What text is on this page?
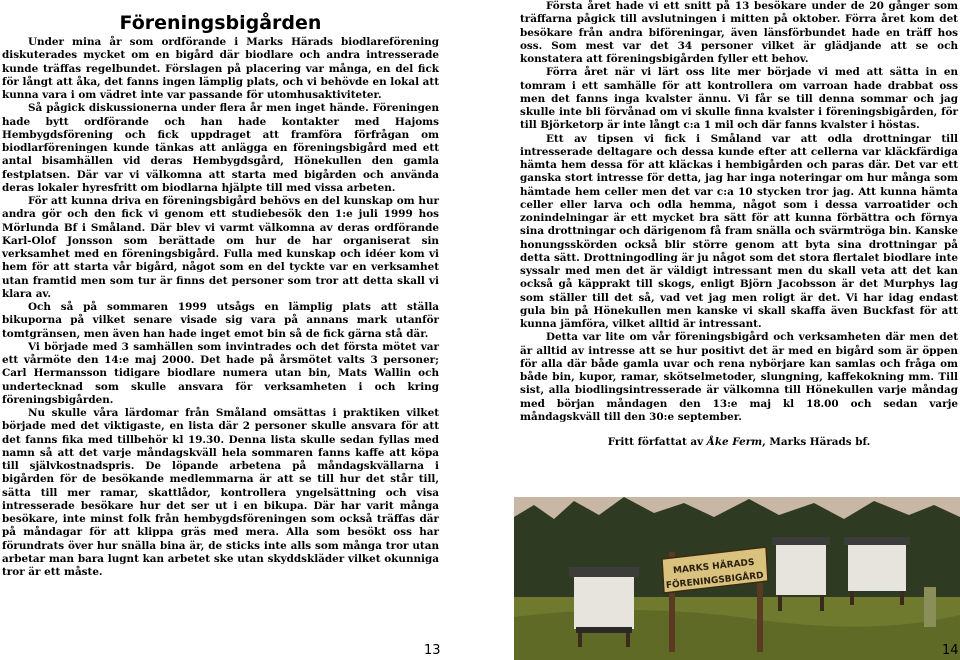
Föreningsbigården

Under mina år som ordförande i Marks Härads biodlareförening diskuterades mycket om en bigård där biodlare och andra intresserade kunde träffas regelbundet. Förslagen på placering var många, en del fick för långt att åka, det fanns ingen lämplig plats, och vi behövde en lokal att kunna vara i om vädret inte var passande för utomhusaktiviteter.

Så pågick diskussionerna under flera år men inget hände. Föreningen hade bytt ordförande och han hade kontakter med Hajoms Hembygdsförening och fick uppdraget att framföra förfrågan om biodlarföreningen kunde tänkas att anlägga en föreningsbigård med ett antal bisamhällen vid deras Hembygdsgård, Hönekullen den gamla festplatsen. Där var vi välkomna att starta med bigården och använda deras lokaler hyresfritt om biodlarna hjälpte till med vissa arbeten.

För att kunna driva en föreningsbigård behövs en del kunskap om hur andra gör och den fick vi genom ett studiebesök den 1:e juli 1999 hos Mörlunda Bf i Småland. Där blev vi varmt välkomna av deras ordförande Karl-Olof Jonsson som berättade om hur de har organiserat sin verksamhet med en föreningsbigård. Fulla med kunskap och idéer kom vi hem för att starta vår bigård, något som en del tyckte var en verksamhet utan framtid men som tur är finns det personer som tror att detta skall vi klara av.

Och så på sommaren 1999 utsågs en lämplig plats att ställa bikuporna på vilket senare visade sig vara på annans mark utanför tomtgränsen, men även han hade inget emot bin så de fick gärna stå där.

Vi började med 3 samhällen som invintrades och det första mötet var ett vårmöte den 14:e maj 2000. Det hade på årsmötet valts 3 personer; Carl Hermansson tidigare biodlare numera utan bin, Mats Wallin och undertecknad som skulle ansvara för verksamheten i och kring föreningsbigården.

Nu skulle våra lärdomar från Småland omsättas i praktiken vilket började med det viktigaste, en lista där 2 personer skulle ansvara för att det fanns fika med tillbehör kl 19.30. Denna lista skulle sedan fyllas med namn så att det varje måndagskväll hela sommaren fanns kaffe att köpa till självkostnadspris. De löpande arbetena på måndagskvällarna i bigården för de besökande medlemmarna är att se till hur det står till, sätta till mer ramar, skattlådor, kontrollera yngelsättning och visa intresserade besökare hur det ser ut i en bikupa. Där har varit många besökare, inte minst folk från hembygdsföreningen som också träffas där på måndagar för att klippa gräs med mera. Alla som besökt oss har förundrats över hur snälla bina är, de sticks inte alls som många tror utan arbetar man bara lugnt kan arbetet ske utan skyddskläder vilket okunniga tror är ett måste.

13

Första året hade vi ett snitt på 13 besökare under de 20 gånger som träffarna pågick till avslutningen i mitten på oktober. Förra året kom det besökare från andra biföreningar, även länsförbundet hade en träff hos oss. Som mest var det 34 personer vilket är glädjande att se och konstatera att föreningsbigården fyller ett behov.

Förra året när vi lärt oss lite mer började vi med att sätta in en tomram i ett samhälle för att kontrollera om varroan hade drabbat oss men det fanns inga kvalster ännu. Vi får se till denna sommar och jag skulle inte bli förvånad om vi skulle finna kvalster i föreningsbigården, för till Björketorp är inte långt c:a 1 mil och där fanns kvalster i höstas.

Ett av tipsen vi fick i Småland var att odla drottningar till intresserade deltagare och dessa kunde efter att cellerna var kläckfärdiga hämta hem dessa för att kläckas i hembigården och paras där. Det var ett ganska stort intresse för detta, jag har inga noteringar om hur många som hämtade hem celler men det var c:a 10 stycken tror jag. Att kunna hämta celler eller larva och odla hemma, något som i dessa varroatider och zonindelningar är ett mycket bra sätt för att kunna förbättra och förnya sina drottningar och därigenom få fram snälla och svärmtröga bin. Kanske honungsskörden också blir större genom att byta sina drottningar på detta sätt. Drottningodling är ju något som det stora flertalet biodlare inte syssalr med men det är väldigt intressant men du skall veta att det kan också gå käpprakt till skogs, enligt Björn Jacobsson är det Murphys lag som ställer till det så, vad vet jag men roligt är det. Vi har idag endast gula bin på Hönekullen men kanske vi skall skaffa även Buckfast för att kunna jämföra, vilket alltid är intressant.

Detta var lite om vår föreningsbigård och verksamheten där men det är alltid av intresse att se hur positivt det är med en bigård som är öppen för alla där både gamla uvar och rena nybörjare kan samlas och fråga om både bin, kupor, ramar, skötselmetoder, slungning, kaffekokning mm. Till sist, alla biodlingsintresserade är välkomna till Hönekullen varje måndag med början måndagen den 13:e maj kl 18.00 och sedan varje måndagskväll till den 30:e september.

Fritt författat av Åke Ferm, Marks Härads bf.

MARKS HÄRADS
FÖRENINGSBIGÅRD
14
